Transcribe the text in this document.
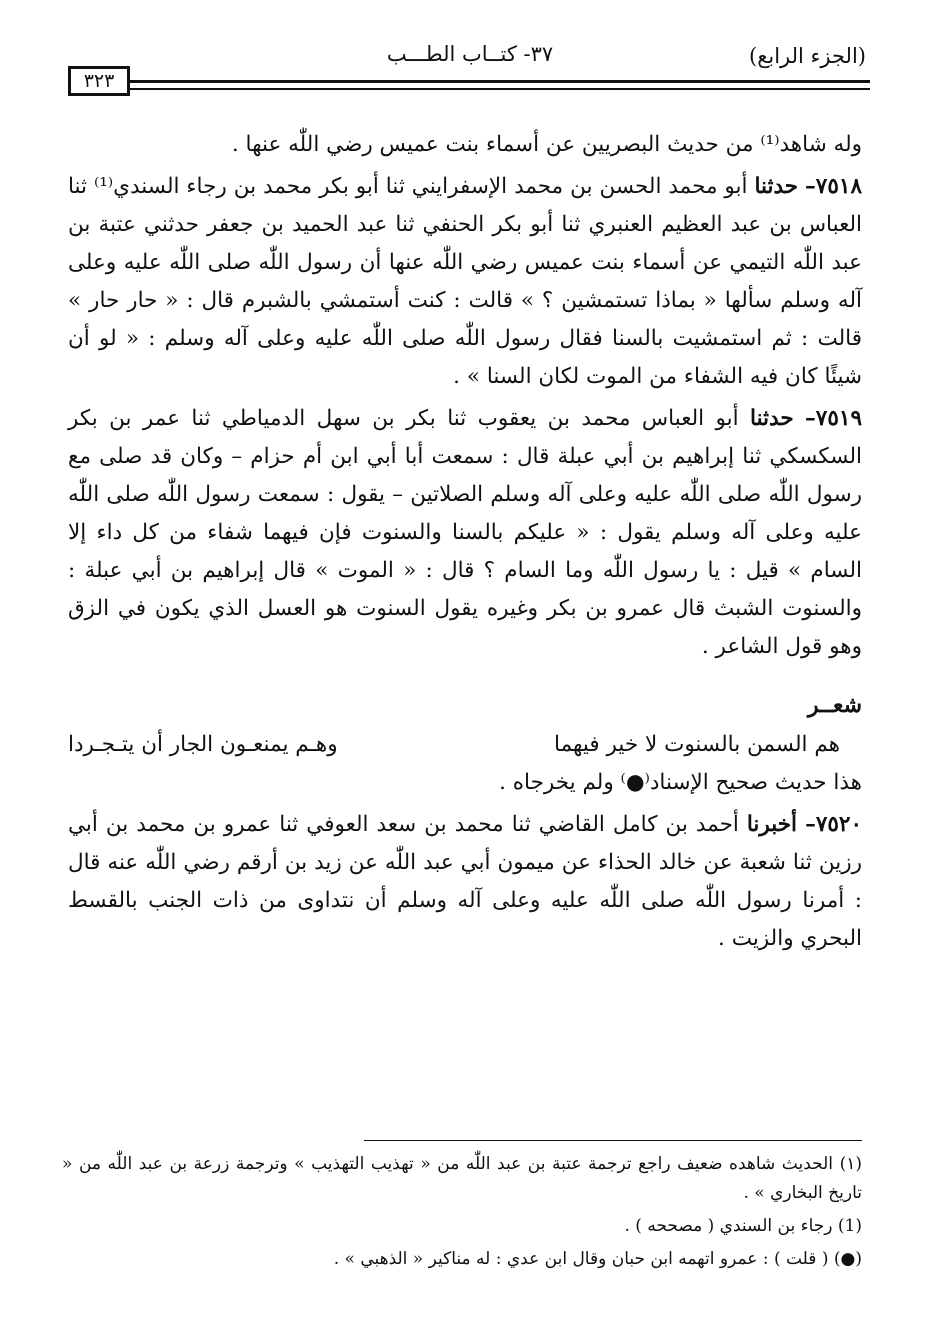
(الجزء الرابع)
٣٧- كتــاب الطـــب
٣٢٣

وله شاهد⁽¹⁾ من حديث البصريين عن أسماء بنت عميس رضي اللّٰه عنها .

٧٥١٨– حدثنا أبو محمد الحسن بن محمد الإسفرايني ثنا أبو بكر محمد بن رجاء السندي⁽¹⁾ ثنا العباس بن عبد العظيم العنبري ثنا أبو بكر الحنفي ثنا عبد الحميد بن جعفر حدثني عتبة بن عبد اللّٰه التيمي عن أسماء بنت عميس رضي اللّٰه عنها أن رسول اللّٰه صلى اللّٰه عليه وعلى آله وسلم سألها « بماذا تستمشين ؟ » قالت : كنت أستمشي بالشبرم قال : « حار حار » قالت : ثم استمشيت بالسنا فقال رسول اللّٰه صلى اللّٰه عليه وعلى آله وسلم : « لو أن شيئًا كان فيه الشفاء من الموت لكان السنا » .

٧٥١٩– حدثنا أبو العباس محمد بن يعقوب ثنا بكر بن سهل الدمياطي ثنا عمر بن بكر السكسكي ثنا إبراهيم بن أبي عبلة قال : سمعت أبا أبي ابن أم حزام – وكان قد صلى مع رسول اللّٰه صلى اللّٰه عليه وعلى آله وسلم الصلاتين – يقول : سمعت رسول اللّٰه صلى اللّٰه عليه وعلى آله وسلم يقول : « عليكم بالسنا والسنوت فإن فيهما شفاء من كل داء إلا السام » قيل : يا رسول اللّٰه وما السام ؟ قال : « الموت » قال إبراهيم بن أبي عبلة : والسنوت الشبث قال عمرو بن بكر وغيره يقول السنوت هو العسل الذي يكون في الزق وهو قول الشاعر .

شعــر
هم السمن بالسنوت لا خير فيهما
وهـم يمنعـون الجار أن يتـجـردا

هذا حديث صحيح الإسناد⁽●⁾ ولم يخرجاه .

٧٥٢٠– أخبرنا أحمد بن كامل القاضي ثنا محمد بن سعد العوفي ثنا عمرو بن محمد بن أبي رزين ثنا شعبة عن خالد الحذاء عن ميمون أبي عبد اللّٰه عن زيد بن أرقم رضي اللّٰه عنه قال : أمرنا رسول اللّٰه صلى اللّٰه عليه وعلى آله وسلم أن نتداوى من ذات الجنب بالقسط البحري والزيت .

(١) الحديث شاهده ضعيف راجع ترجمة عتبة بن عبد اللّٰه من « تهذيب التهذيب » وترجمة زرعة بن عبد اللّٰه من « تاريخ البخاري » .

(1) رجاء بن السندي ( مصححه ) .

(●) ( قلت ) : عمرو اتهمه ابن حبان وقال ابن عدي : له مناكير « الذهبي » .
